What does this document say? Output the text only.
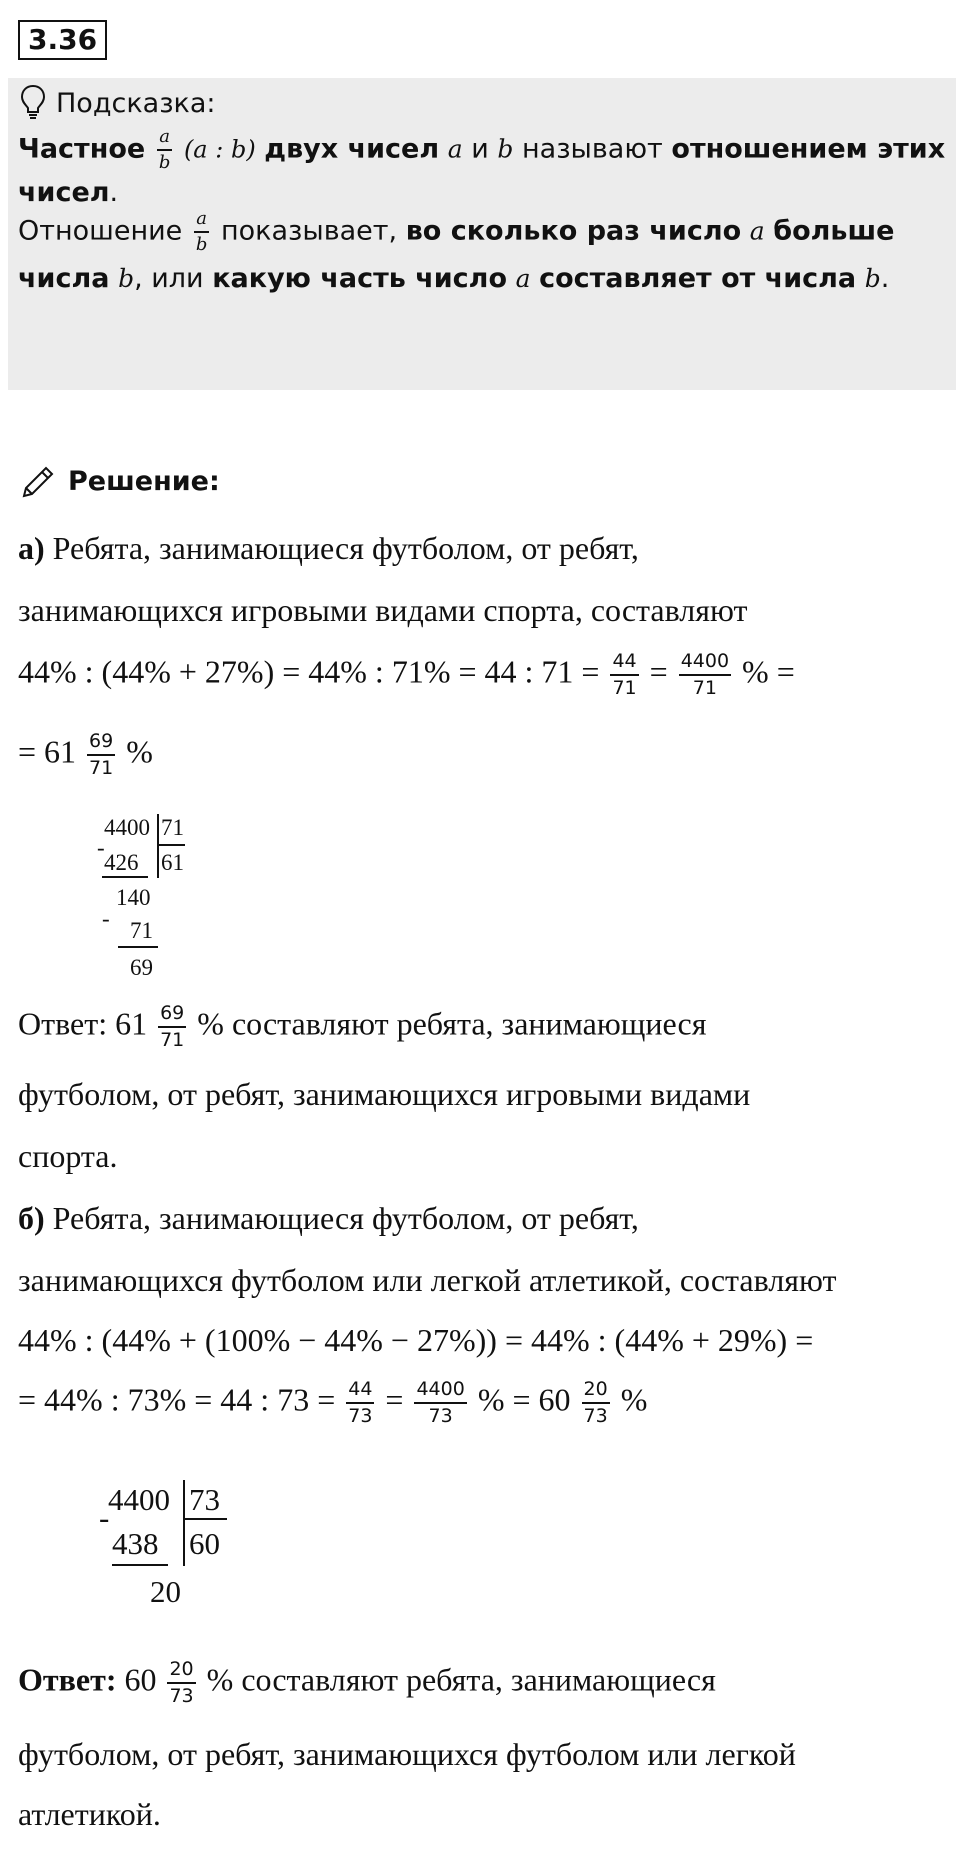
3.36
Подсказка:
Частное $\frac{a}{b} (a$ : b) двух чисел a и b называют отношением этих
чисел.
Отношение $\frac{a}{b}$ показывает, во сколько раз число a больше
числа b, или какую часть число a составляет от числа b.
Решение:
а) Ребята, занимающиеся футболом, от ребят,
занимающихся игровыми видами спорта, составляют
44% : (44% + 27%) = 44% : 71% = 44 : $71 = \frac{44}{71} = \frac{4400}{71}$ % =
= $61 \frac{69}{71}$ %
4400 71
-
426 61
140
- 71
69
Ответ: $61 \frac{69}{71}$ % составляют ребята, занимающиеся
футболом, от ребят, занимающихся игровыми видами
спорта.
б) Ребята, занимающиеся футболом, от ребят,
занимающихся футболом или легкой атлетикой, составляют
44% : (44% + (100% − 44% − 27%)) = 44% : (44% + 29%) =
= 44% : 73% = 44 : $73 = \frac{44}{73} = \frac{4400}{73}$ % = $60 \frac{20}{73}$ %
4400 73
-
438 60
20
Ответ: $60 \frac{20}{73}$ % составляют ребята, занимающиеся
футболом, от ребят, занимающихся футболом или легкой
атлетикой.
